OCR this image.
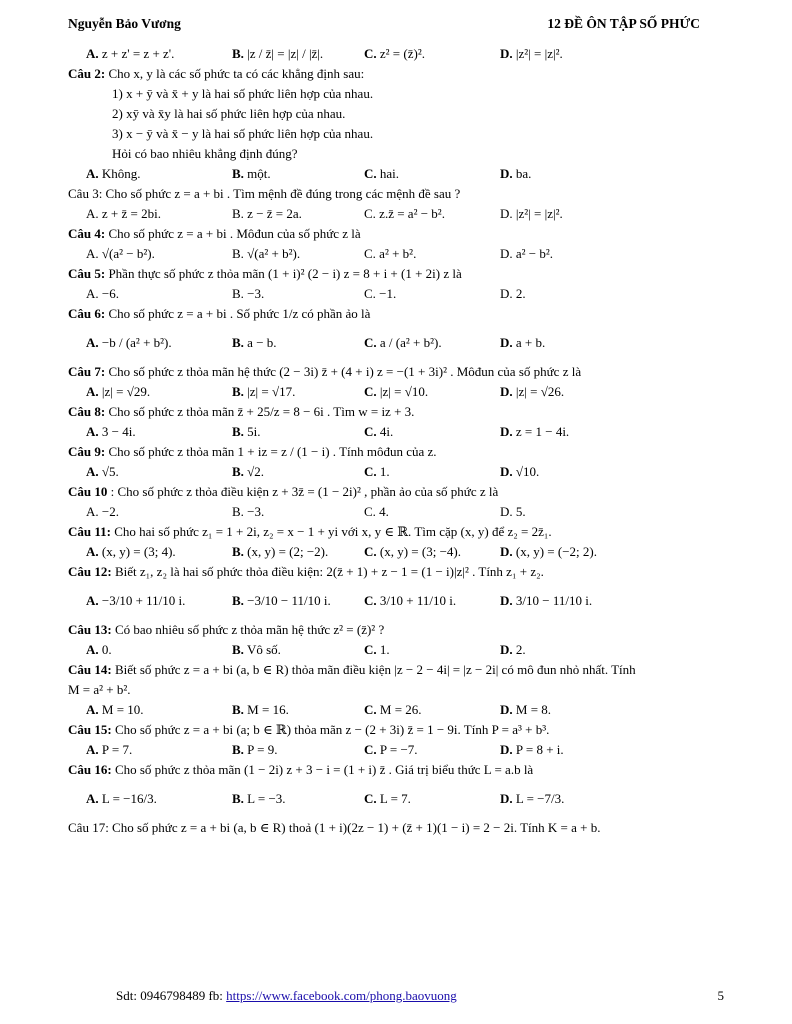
Nguyễn Bảo Vương	12 ĐỀ ÔN TẬP SỐ PHỨC
A. z + z' = z + z'.	B. |z / z̄| = |z| / |z̄|.	C. z² = (z̄)².	D. |z²| = |z|².
Câu 2: Cho x, y là các số phức ta có các khẳng định sau:
1) x + ȳ và x̄ + y là hai số phức liên hợp của nhau.
2) xȳ và x̄y là hai số phức liên hợp của nhau.
3) x − ȳ và x̄ − y là hai số phức liên hợp của nhau.
Hỏi có bao nhiêu khẳng định đúng?
A. Không.	B. một.	C. hai.	D. ba.
Câu 3: Cho số phức z = a + bi . Tìm mệnh đề đúng trong các mệnh đề sau ?
A. z + z̄ = 2bi.	B. z − z̄ = 2a.	C. z.z̄ = a² − b².	D. |z²| = |z|².
Câu 4: Cho số phức z = a + bi . Môđun của số phức z là
A. √(a² − b²).	B. √(a² + b²).	C. a² + b².	D. a² − b².
Câu 5: Phần thực số phức z thỏa mãn (1 + i)² (2 − i) z = 8 + i + (1 + 2i) z là
A. −6.	B. −3.	C. −1.	D. 2.
Câu 6: Cho số phức z = a + bi . Số phức 1/z có phần ảo là
A. −b / (a² + b²).	B. a − b.	C. a / (a² + b²).	D. a + b.
Câu 7: Cho số phức z thỏa mãn hệ thức (2 − 3i) z̄ + (4 + i) z = −(1 + 3i)² . Môđun của số phức z là
A. |z| = √29.	B. |z| = √17.	C. |z| = √10.	D. |z| = √26.
Câu 8: Cho số phức z thỏa mãn z̄ + 25/z = 8 − 6i . Tìm w = iz + 3.
A. 3 − 4i.	B. 5i.	C. 4i.	D. z = 1 − 4i.
Câu 9: Cho số phức z thỏa mãn 1 + iz = z / (1 − i) . Tính môđun của z.
A. √5.	B. √2.	C. 1.	D. √10.
Câu 10 : Cho số phức z thỏa điều kiện z + 3z̄ = (1 − 2i)² , phần ảo của số phức z là
A. −2.	B. −3.	C. 4.	D. 5.
Câu 11: Cho hai số phức z₁ = 1 + 2i, z₂ = x − 1 + yi với x, y ∈ ℝ. Tìm cặp (x, y) để z₂ = 2z̄₁.
A. (x, y) = (3; 4).	B. (x, y) = (2; −2).	C. (x, y) = (3; −4).	D. (x, y) = (−2; 2).
Câu 12: Biết z₁, z₂ là hai số phức thỏa điều kiện: 2(z̄ + 1) + z − 1 = (1 − i)|z|² . Tính z₁ + z₂.
A. −3/10 + 11/10 i.	B. −3/10 − 11/10 i.	C. 3/10 + 11/10 i.	D. 3/10 − 11/10 i.
Câu 13: Có bao nhiêu số phức z thỏa mãn hệ thức z² = (z̄)² ?
A. 0.	B. Vô số.	C. 1.	D. 2.
Câu 14: Biết số phức z = a + bi (a, b ∈ R) thỏa mãn điều kiện |z − 2 − 4i| = |z − 2i| có mô đun nhỏ nhất. Tính
M = a² + b².
A. M = 10.	B. M = 16.	C. M = 26.	D. M = 8.
Câu 15: Cho số phức z = a + bi (a; b ∈ ℝ) thỏa mãn z − (2 + 3i) z̄ = 1 − 9i. Tính P = a³ + b³.
A. P = 7.	B. P = 9.	C. P = −7.	D. P = 8 + i.
Câu 16: Cho số phức z thỏa mãn (1 − 2i) z + 3 − i = (1 + i) z̄ . Giá trị biểu thức L = a.b là
A. L = −16/3.	B. L = −3.	C. L = 7.	D. L = −7/3.
Câu 17: Cho số phức z = a + bi (a, b ∈ R) thoả (1 + i)(2z − 1) + (z̄ + 1)(1 − i) = 2 − 2i. Tính K = a + b.
Sdt: 0946798489 fb: https://www.facebook.com/phong.baovuong	5
